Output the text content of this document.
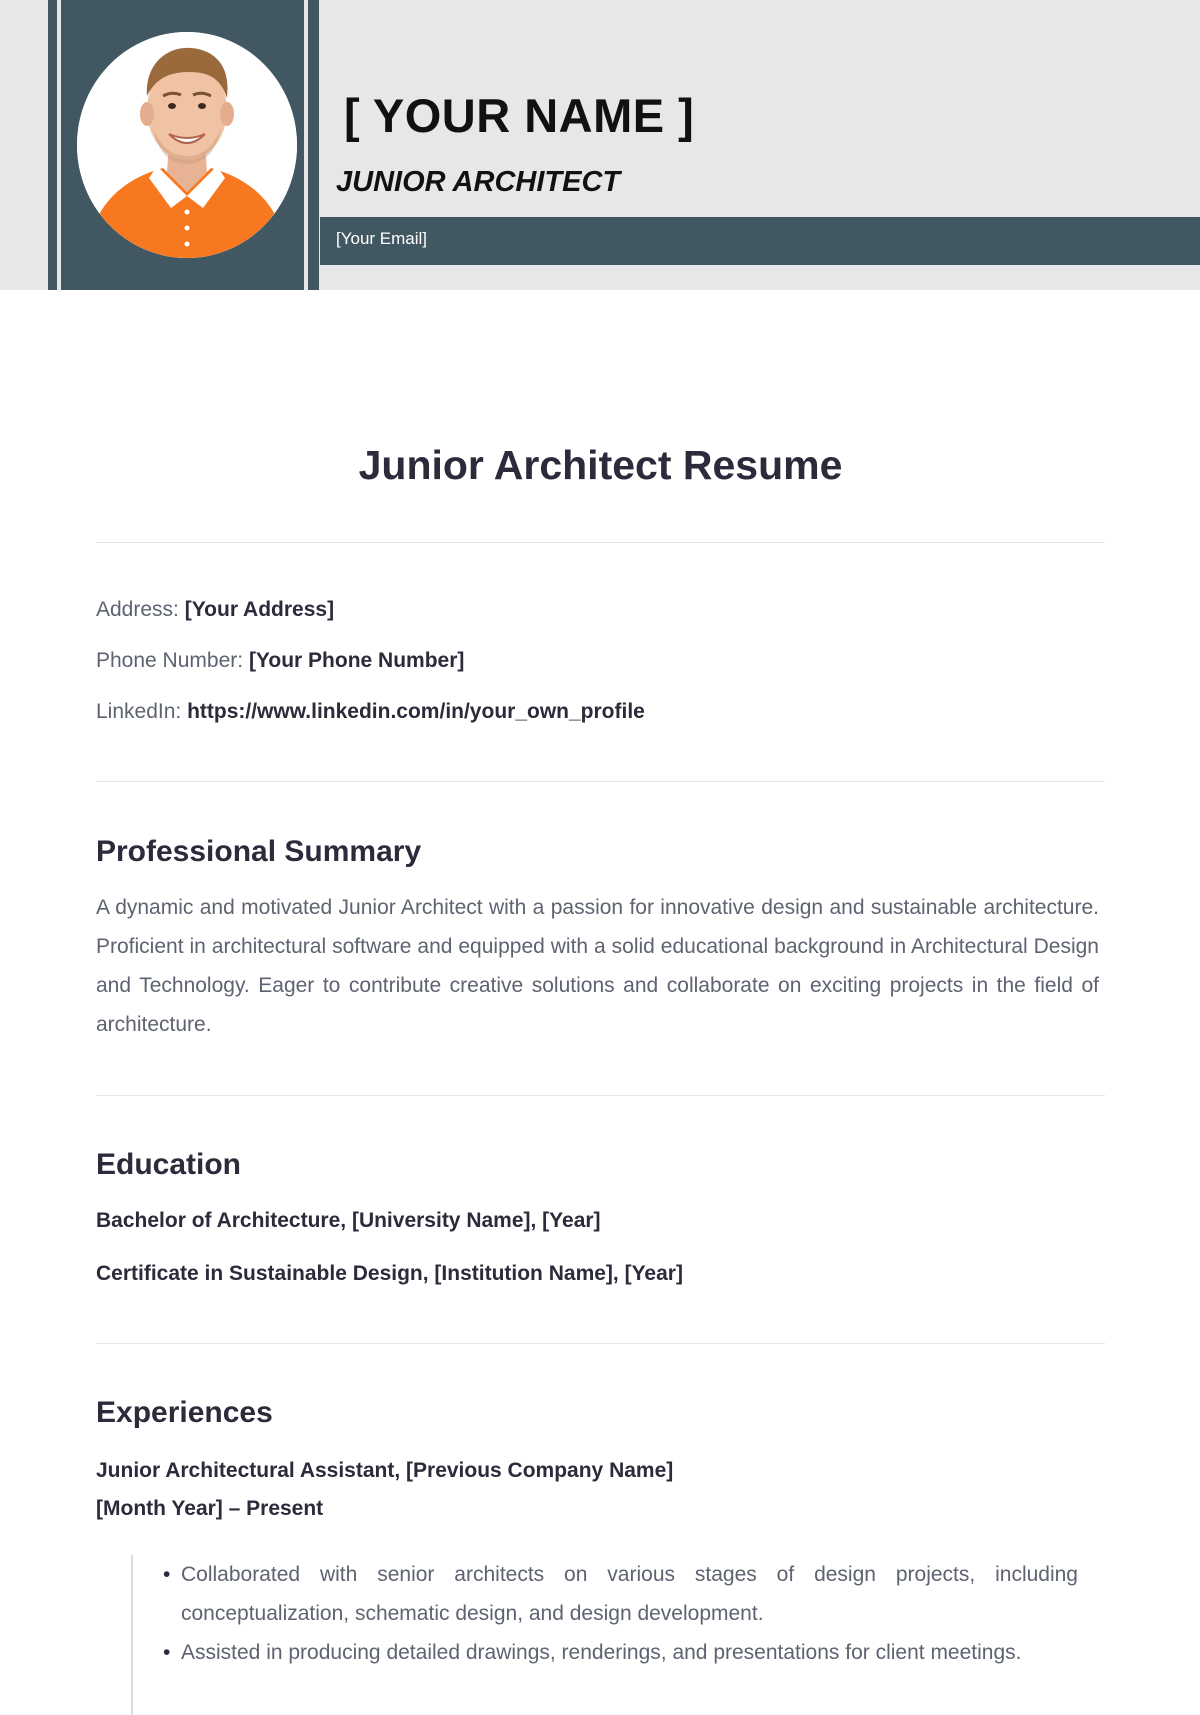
[ YOUR NAME ]
JUNIOR ARCHITECT
[Your Email]
Junior Architect Resume
Address: [Your Address]
Phone Number: [Your Phone Number]
LinkedIn: https://www.linkedin.com/in/your_own_profile
Professional Summary

A dynamic and motivated Junior Architect with a passion for innovative design and sustainable architecture. Proficient in architectural software and equipped with a solid educational background in Architectural Design and Technology. Eager to contribute creative solutions and collaborate on exciting projects in the field of architecture.

Education
Bachelor of Architecture, [University Name], [Year]
Certificate in Sustainable Design, [Institution Name], [Year]
Experiences
Junior Architectural Assistant, [Previous Company Name]
[Month Year] – Present
• Collaborated with senior architects on various stages of design projects, including conceptualization, schematic design, and design development.
• Assisted in producing detailed drawings, renderings, and presentations for client meetings.
